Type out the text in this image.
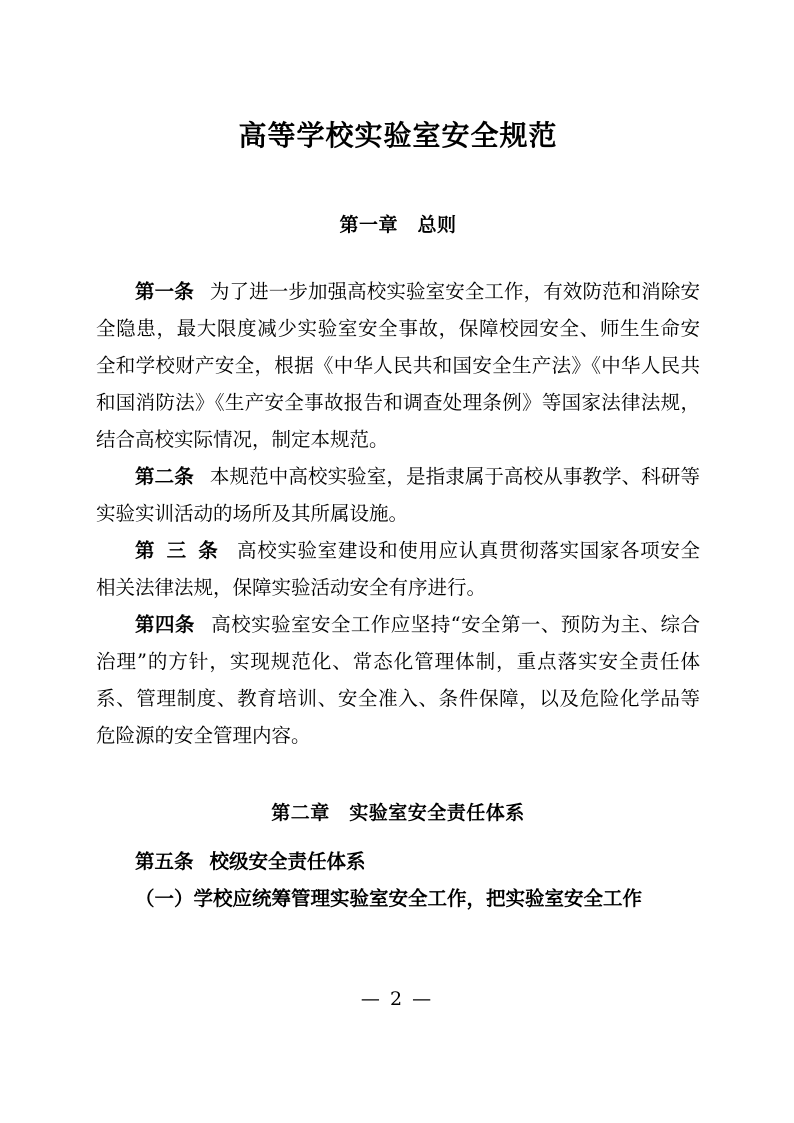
高等学校实验室安全规范
第一章　总则

第一条 为了进一步加强高校实验室安全工作，有效防范和消除安全隐患，最大限度减少实验室安全事故，保障校园安全、师生生命安全和学校财产安全，根据《中华人民共和国安全生产法》《中华人民共和国消防法》《生产安全事故报告和调查处理条例》等国家法律法规，结合高校实际情况，制定本规范。

第二条 本规范中高校实验室，是指隶属于高校从事教学、科研等实验实训活动的场所及其所属设施。

第 三 条 高校实验室建设和使用应认真贯彻落实国家各项安全相关法律法规，保障实验活动安全有序进行。

第四条 高校实验室安全工作应坚持“安全第一、预防为主、综合治理”的方针，实现规范化、常态化管理体制，重点落实安全责任体系、管理制度、教育培训、安全准入、条件保障，以及危险化学品等危险源的安全管理内容。

第二章　实验室安全责任体系

第五条 校级安全责任体系

（一）学校应统筹管理实验室安全工作，把实验室安全工作

— 2 —
